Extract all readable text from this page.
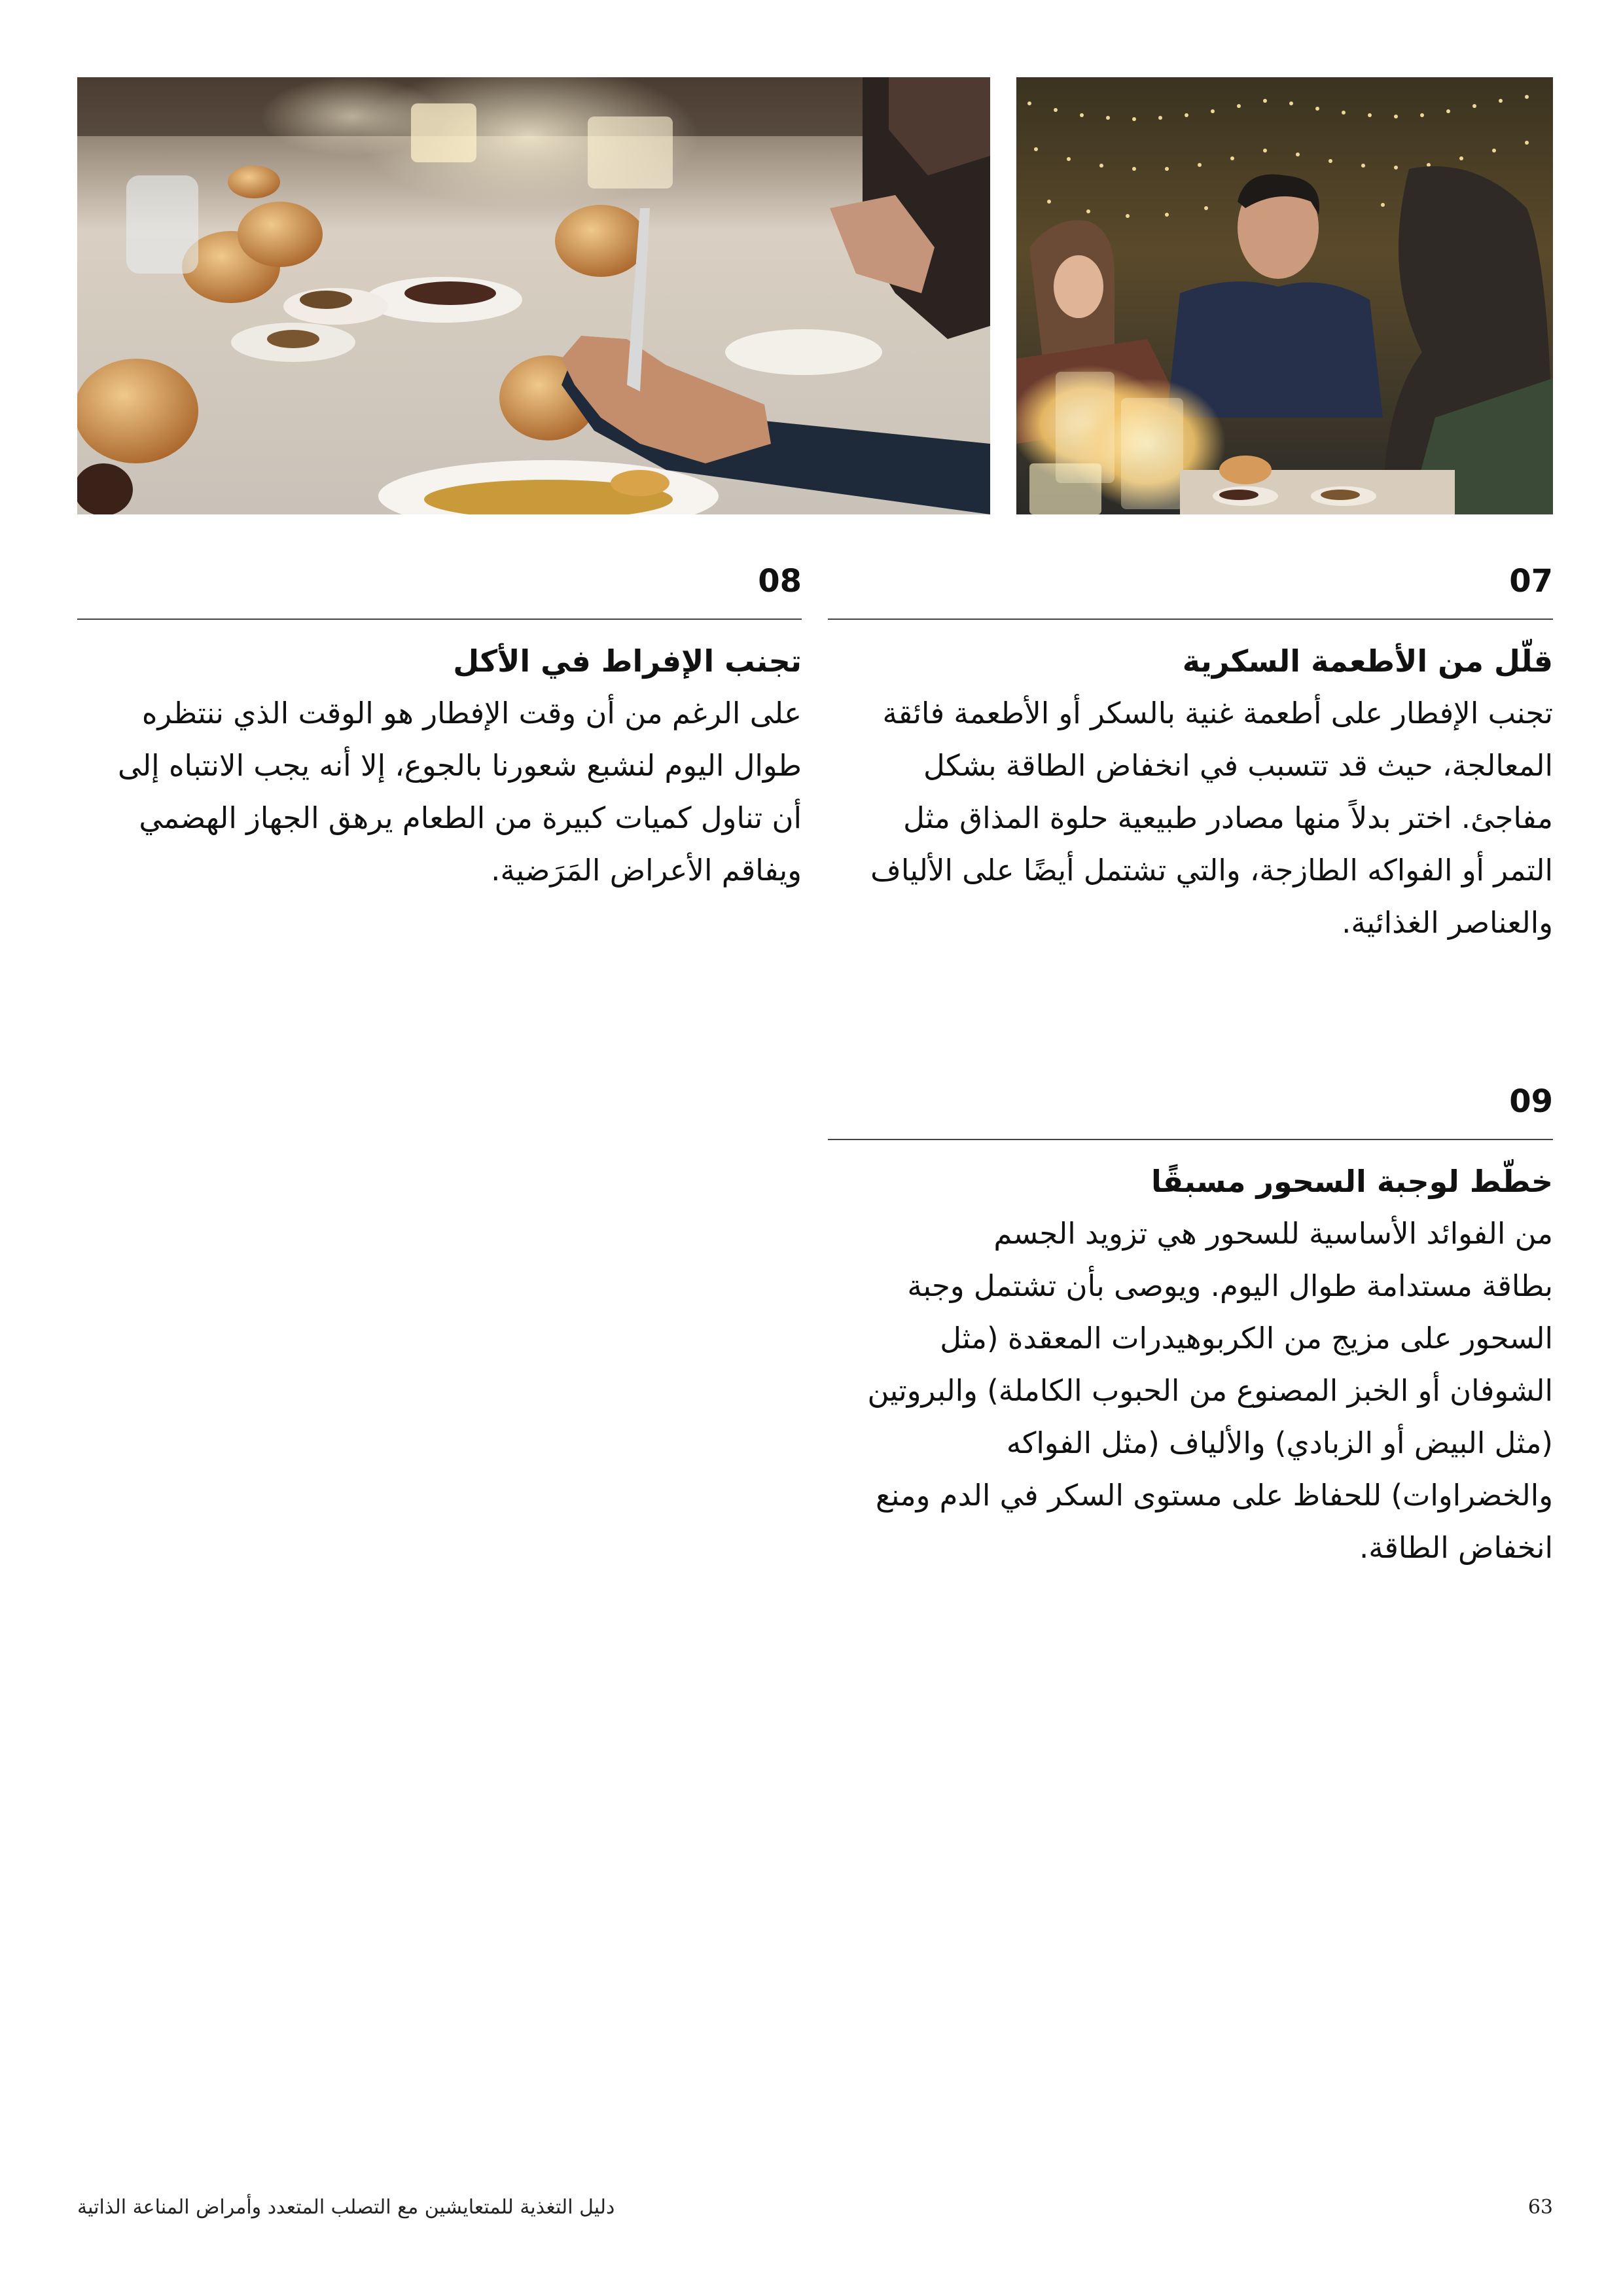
07
قلّل من الأطعمة السكرية
تجنب الإفطار على أطعمة غنية بالسكر أو الأطعمة فائقة
المعالجة، حيث قد تتسبب في انخفاض الطاقة بشكل
مفاجئ. اختر بدلاً منها مصادر طبيعية حلوة المذاق مثل
التمر أو الفواكه الطازجة، والتي تشتمل أيضًا على الألياف
والعناصر الغذائية.
08
تجنب الإفراط في الأكل
على الرغم من أن وقت الإفطار هو الوقت الذي ننتظره
طوال اليوم لنشبع شعورنا بالجوع، إلا أنه يجب الانتباه إلى
أن تناول كميات كبيرة من الطعام يرهق الجهاز الهضمي
ويفاقم الأعراض المَرَضية.
09
خطّط لوجبة السحور مسبقًا
من الفوائد الأساسية للسحور هي تزويد الجسم
بطاقة مستدامة طوال اليوم. ويوصى بأن تشتمل وجبة
السحور على مزيج من الكربوهيدرات المعقدة (مثل
الشوفان أو الخبز المصنوع من الحبوب الكاملة) والبروتين
(مثل البيض أو الزبادي) والألياف (مثل الفواكه
والخضراوات) للحفاظ على مستوى السكر في الدم ومنع
انخفاض الطاقة.
دليل التغذية للمتعايشين مع التصلب المتعدد وأمراض المناعة الذاتية	63
